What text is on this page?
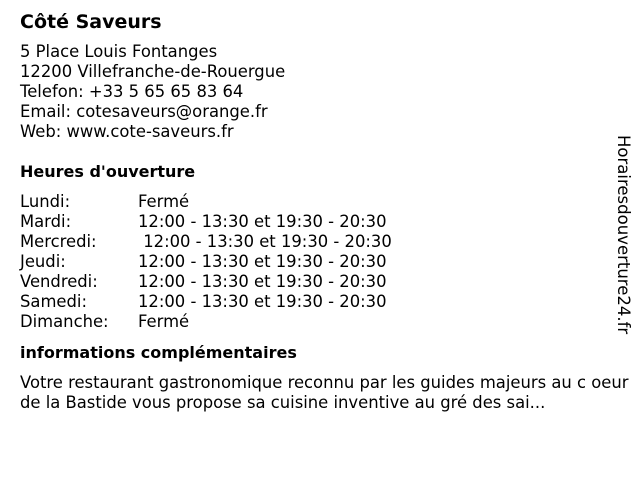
Côté Saveurs
5 Place Louis Fontanges
12200 Villefranche-de-Rouergue
Telefon: +33 5 65 65 83 64
Email: cotesaveurs@orange.fr
Web: www.cote-saveurs.fr
Heures d'ouverture
Lundi:	Fermé
Mardi:	12:00 - 13:30 et 19:30 - 20:30
Mercredi:	12:00 - 13:30 et 19:30 - 20:30
Jeudi:	12:00 - 13:30 et 19:30 - 20:30
Vendredi:	12:00 - 13:30 et 19:30 - 20:30
Samedi:	12:00 - 13:30 et 19:30 - 20:30
Dimanche:	Fermé
informations complémentaires
Votre restaurant gastronomique reconnu par les guides majeurs au c oeur de la Bastide vous propose sa cuisine inventive au gré des sai...
Horairesdouverture24.fr
